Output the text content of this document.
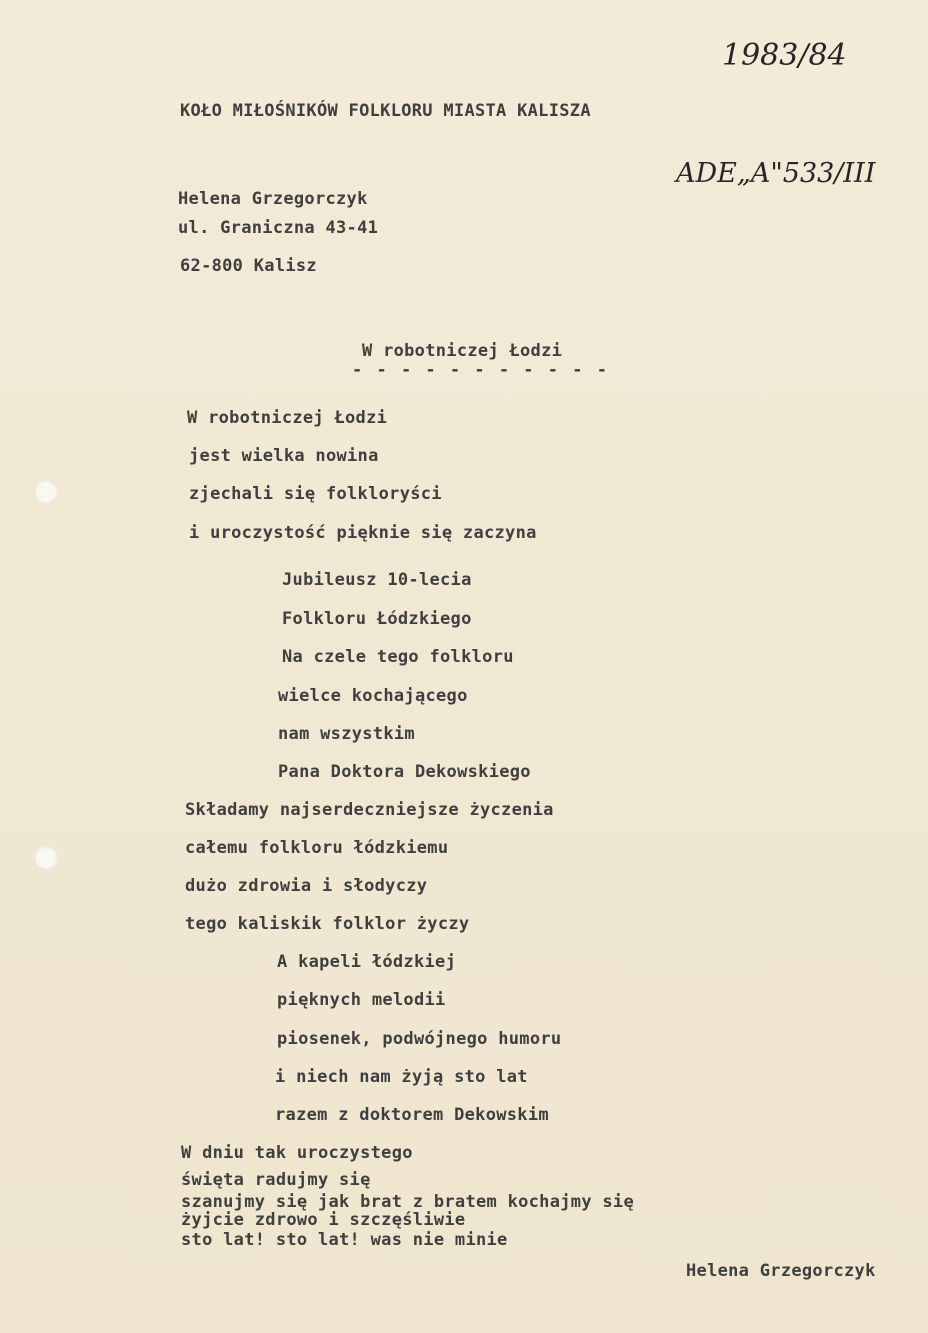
1983/84
ADE„A"533/III
KOŁO MIŁOŚNIKÓW FOLKLORU MIASTA KALISZA
Helena Grzegorczyk
ul. Graniczna 43-41
62-800 Kalisz
W robotniczej Łodzi
- - - - - - - - - - -
W robotniczej Łodzi
jest wielka nowina
zjechali się folkloryści
i uroczystość pięknie się zaczyna
Jubileusz 10-lecia
Folkloru Łódzkiego
Na czele tego folkloru
wielce kochającego
nam wszystkim
Pana Doktora Dekowskiego
Składamy najserdeczniejsze życzenia
całemu folkloru łódzkiemu
dużo zdrowia i słodyczy
tego kaliskik folklor życzy
A kapeli łódzkiej
pięknych melodii
piosenek, podwójnego humoru
i niech nam żyją sto lat
razem z doktorem Dekowskim
W dniu tak uroczystego
święta radujmy się
szanujmy się jak brat z bratem kochajmy się
żyjcie zdrowo i szczęśliwie
sto lat! sto lat! was nie minie
Helena Grzegorczyk
